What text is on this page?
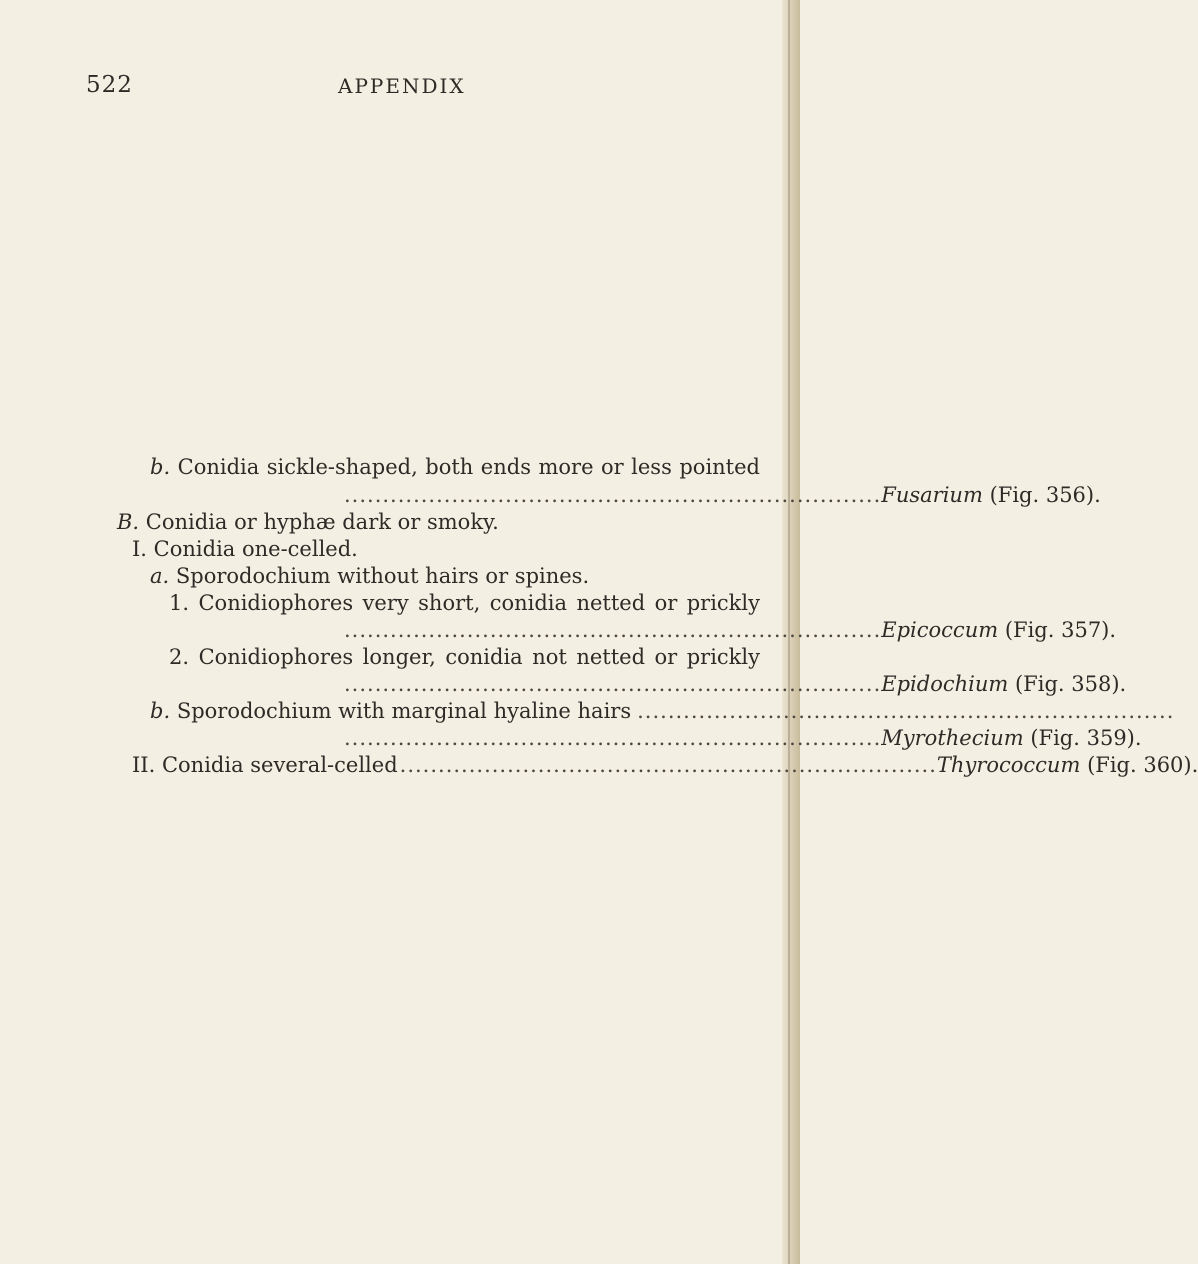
522	APPENDIX
b. Conidia sickle-shaped, both ends more or less pointed
...................................................................... Fusarium (Fig. 356).
B. Conidia or hyphæ dark or smoky.
I. Conidia one-celled.
a. Sporodochium without hairs or spines.
1. Conidiophores very short, conidia netted or prickly
...................................................................... Epicoccum (Fig. 357).
2. Conidiophores longer, conidia not netted or prickly
...................................................................... Epidochium (Fig. 358).
b. Sporodochium with marginal hyaline hairs ......................................................................
...................................................................... Myrothecium (Fig. 359).
II. Conidia several-celled ...................................................................... Thyrococcum (Fig. 360).
